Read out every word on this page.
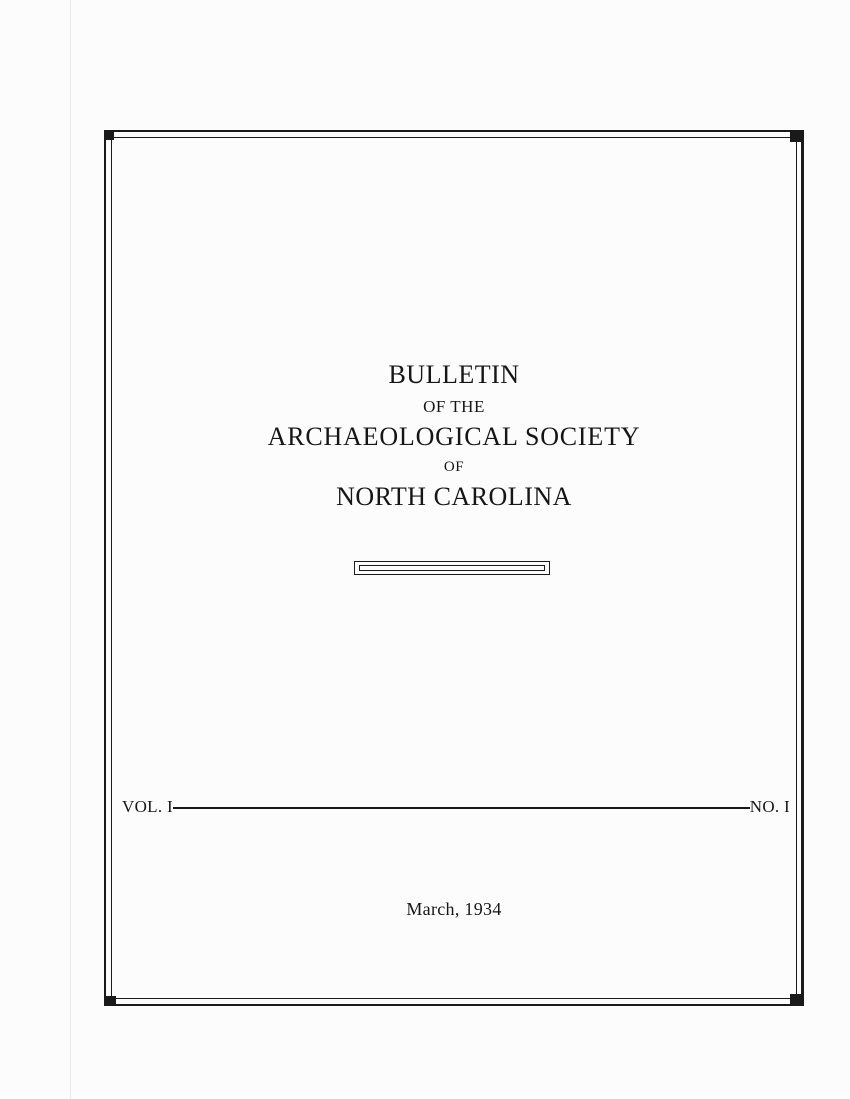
BULLETIN
OF THE
ARCHAEOLOGICAL SOCIETY
OF
NORTH CAROLINA
VOL. I	NO. I
March, 1934
